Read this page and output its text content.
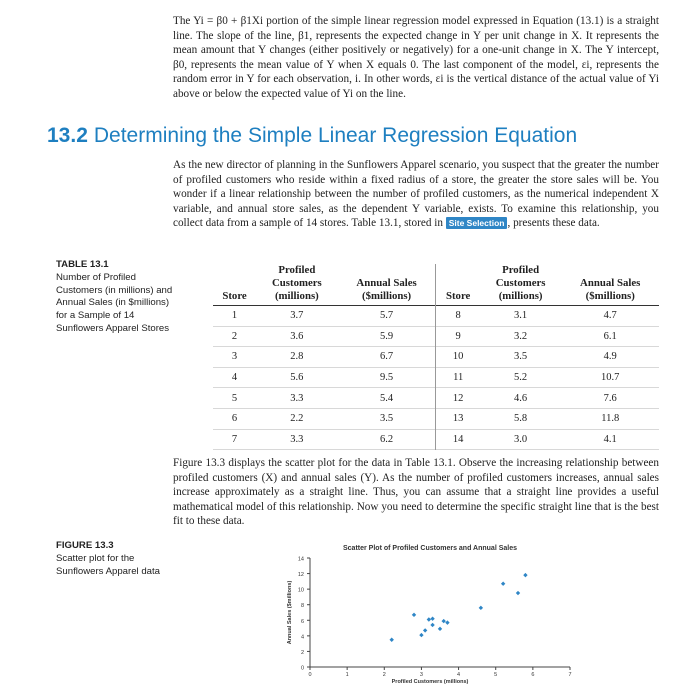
The Yi = β0 + β1Xi portion of the simple linear regression model expressed in Equation (13.1) is a straight line. The slope of the line, β1, represents the expected change in Y per unit change in X. It represents the mean amount that Y changes (either positively or negatively) for a one-unit change in X. The Y intercept, β0, represents the mean value of Y when X equals 0. The last component of the model, εi, represents the random error in Y for each observation, i. In other words, εi is the vertical distance of the actual value of Yi above or below the expected value of Yi on the line.

13.2 Determining the Simple Linear Regression Equation

As the new director of planning in the Sunflowers Apparel scenario, you suspect that the greater the number of profiled customers who reside within a fixed radius of a store, the greater the store sales will be. You wonder if a linear relationship between the number of profiled customers, as the numerical independent X variable, and annual store sales, as the dependent Y variable, exists. To examine this relationship, you collect data from a sample of 14 stores. Table 13.1, stored in Site Selection , presents these data.

TABLE 13.1
Number of Profiled Customers (in millions) and Annual Sales (in $millions) for a Sample of 14 Sunflowers Apparel Stores
Store	Profiled
Customers
(millions)	Annual Sales
($millions)	Store	Profiled
Customers
(millions)	Annual Sales
($millions)
1	3.7	5.7	8	3.1	4.7
2	3.6	5.9	9	3.2	6.1
3	2.8	6.7	10	3.5	4.9
4	5.6	9.5	11	5.2	10.7
5	3.3	5.4	12	4.6	7.6
6	2.2	3.5	13	5.8	11.8
7	3.3	6.2	14	3.0	4.1

Figure 13.3 displays the scatter plot for the data in Table 13.1. Observe the increasing relationship between profiled customers (X) and annual sales (Y). As the number of profiled customers increases, annual sales increase approximately as a straight line. Thus, you can assume that a straight line provides a useful mathematical model of this relationship. Now you need to determine the specific straight line that is the best fit to these data.

FIGURE 13.3
Scatter plot for the Sunflowers Apparel data
0
2
4
6
8
10
12
14
0	1	2	3	4	5	6	7
Scatter Plot of Profiled Customers and Annual Sales
Profiled Customers (millions)
Annual Sales ($millions)
